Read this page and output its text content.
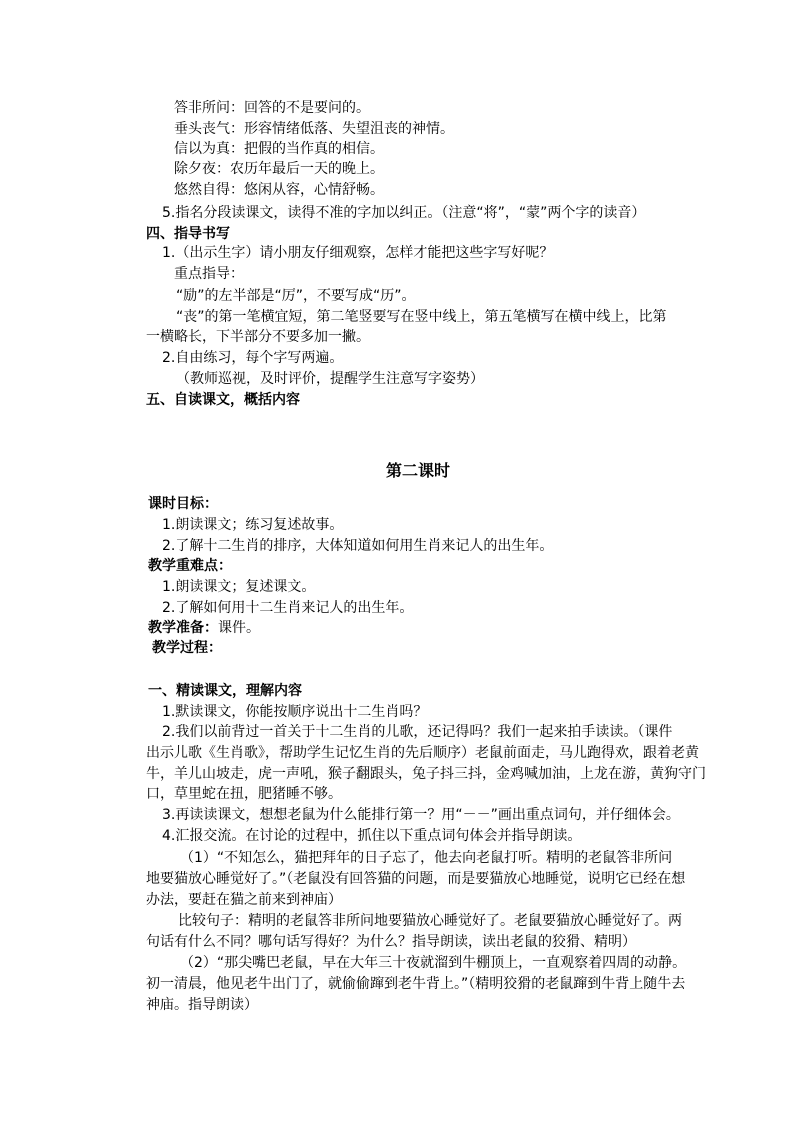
答非所问：回答的不是要问的。
垂头丧气：形容情绪低落、失望沮丧的神情。
信以为真：把假的当作真的相信。
除夕夜：农历年最后一天的晚上。
悠然自得：悠闲从容，心情舒畅。
5.指名分段读课文，读得不准的字加以纠正。（注意“将”，“蒙”两个字的读音）
四、指导书写
1.（出示生字）请小朋友仔细观察，怎样才能把这些字写好呢？
重点指导：
“励”的左半部是“厉”，不要写成“历”。
“丧”的第一笔横宜短，第二笔竖要写在竖中线上，第五笔横写在横中线上，比第
一横略长，下半部分不要多加一撇。
2.自由练习，每个字写两遍。
（教师巡视，及时评价，提醒学生注意写字姿势）
五、自读课文，概括内容
第二课时
课时目标：
1.朗读课文；练习复述故事。
2.了解十二生肖的排序，大体知道如何用生肖来记人的出生年。
教学重难点：
1.朗读课文；复述课文。
2.了解如何用十二生肖来记人的出生年。
教学准备：课件。
教学过程：
一、精读课文，理解内容
1.默读课文，你能按顺序说出十二生肖吗？
2.我们以前背过一首关于十二生肖的儿歌，还记得吗？我们一起来拍手读读。（课件
出示儿歌《生肖歌》，帮助学生记忆生肖的先后顺序）老鼠前面走，马儿跑得欢，跟着老黄
牛，羊儿山坡走，虎一声吼，猴子翻跟头，兔子抖三抖，金鸡喊加油，上龙在游，黄狗守门
口，草里蛇在扭，肥猪睡不够。
3.再读读课文，想想老鼠为什么能排行第一？用“－－”画出重点词句，并仔细体会。
4.汇报交流。在讨论的过程中，抓住以下重点词句体会并指导朗读。
（1）“不知怎么，猫把拜年的日子忘了，他去向老鼠打听。精明的老鼠答非所问
地要猫放心睡觉好了。”（老鼠没有回答猫的问题，而是要猫放心地睡觉，说明它已经在想
办法，要赶在猫之前来到神庙）
比较句子：精明的老鼠答非所问地要猫放心睡觉好了。老鼠要猫放心睡觉好了。两
句话有什么不同？哪句话写得好？为什么？指导朗读，读出老鼠的狡猾、精明）
（2）“那尖嘴巴老鼠，早在大年三十夜就溜到牛棚顶上，一直观察着四周的动静。
初一清晨，他见老牛出门了，就偷偷蹿到老牛背上。”（精明狡猾的老鼠蹿到牛背上随牛去
神庙。指导朗读）
